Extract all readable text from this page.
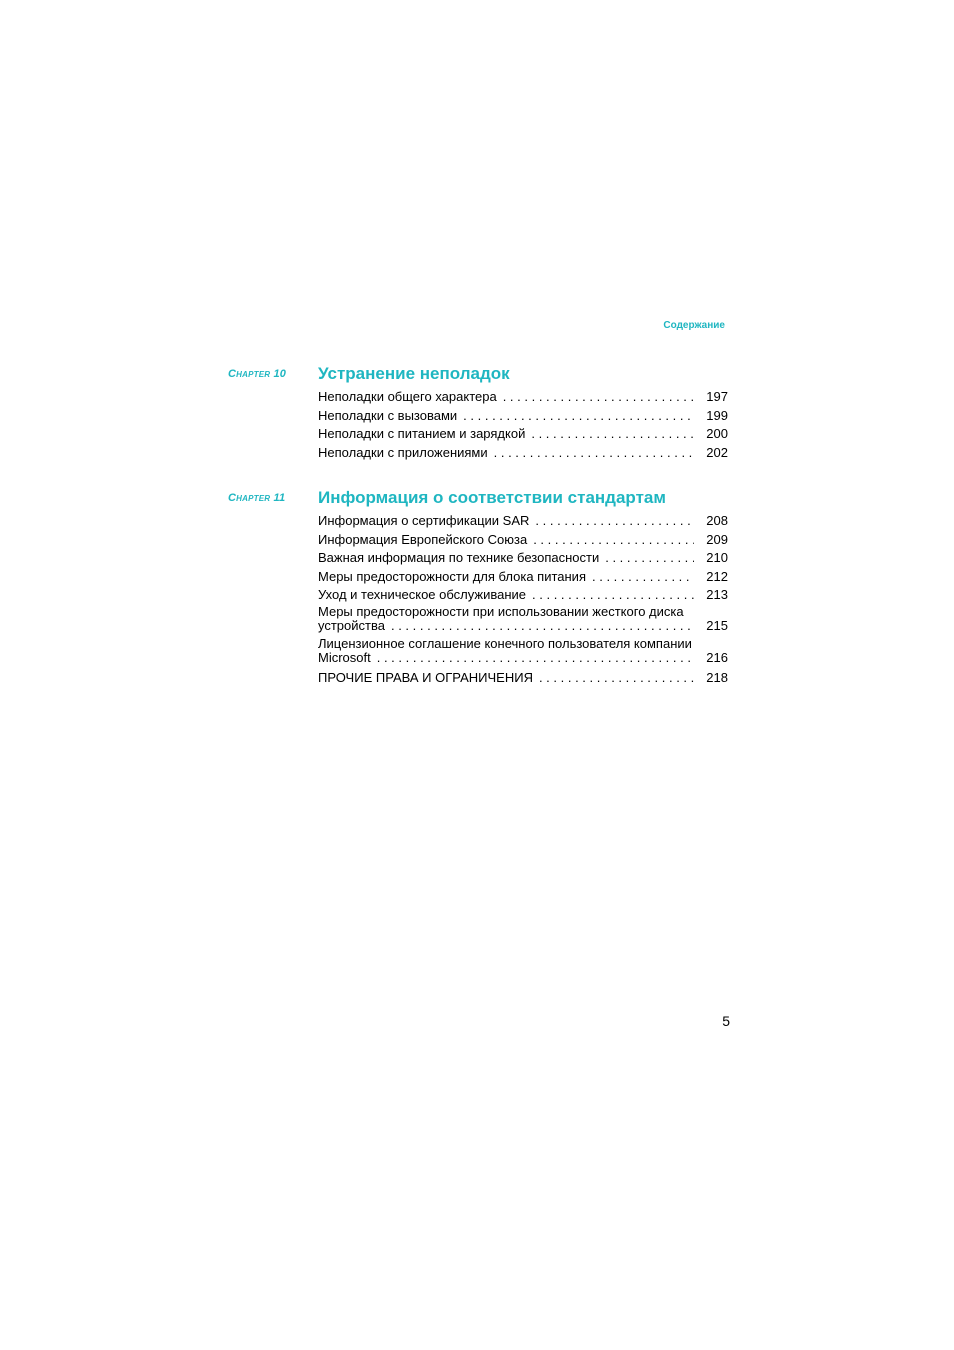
Содержание
Chapter 10 Устранение неполадок
Неполадки общего характера . . .	197
Неполадки с вызовами . . .	199
Неполадки с питанием и зарядкой . . .	200
Неполадки с приложениями . . .	202
Chapter 11 Информация о соответствии стандартам
Информация о сертификации SAR . . .	208
Информация Европейского Союза . . .	209
Важная информация по технике безопасности . . .	210
Меры предосторожности для блока питания . . .	212
Уход и техническое обслуживание . . .	213
Меры предосторожности при использовании жесткого диска
устройства . . .	215
Лицензионное соглашение конечного пользователя компании
Microsoft . . .	216
ПРОЧИЕ ПРАВА И ОГРАНИЧЕНИЯ . . .	218
5
